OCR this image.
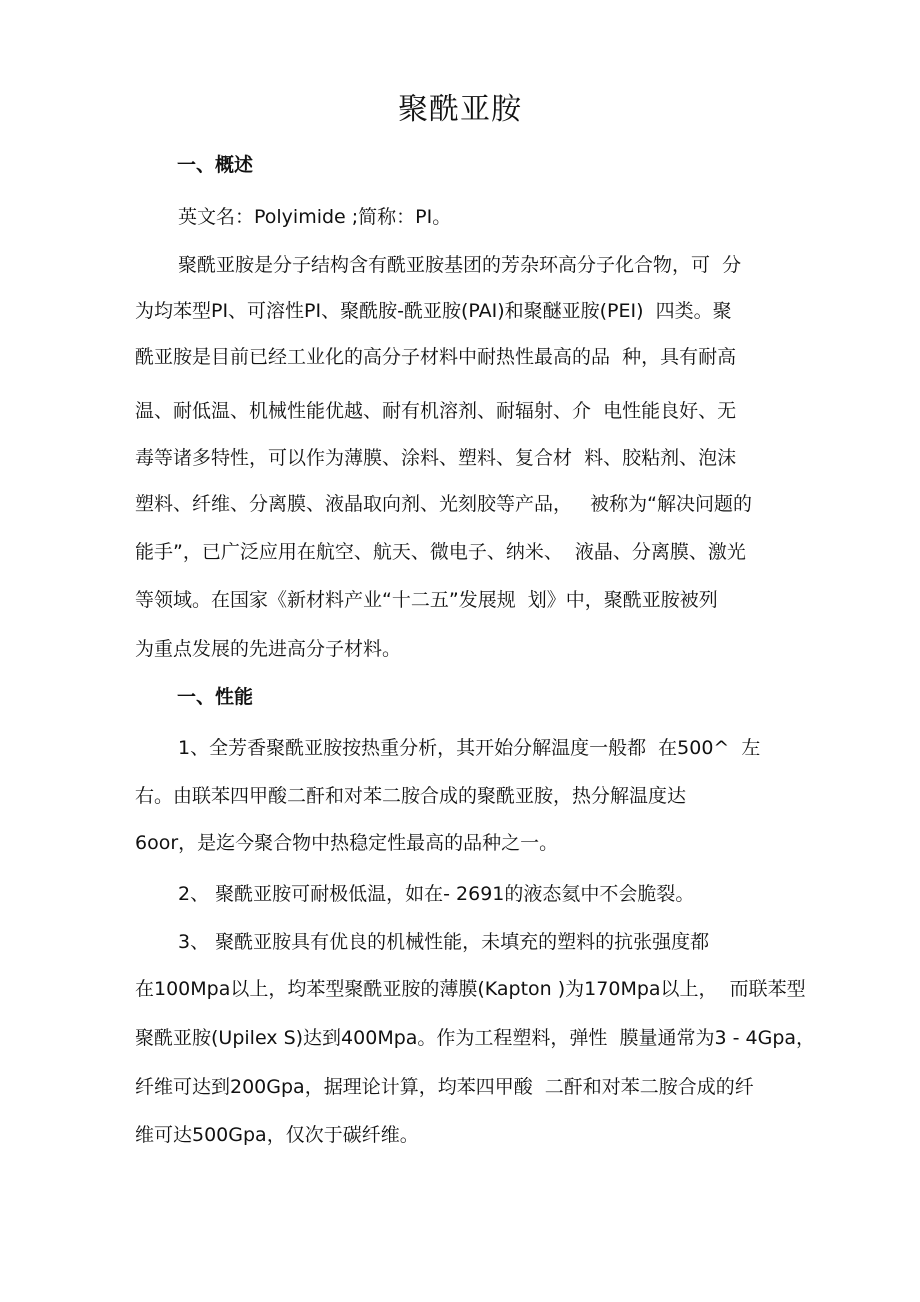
聚酰亚胺
一、概述
英文名：Polyimide ;简称：PI。
聚酰亚胺是分子结构含有酰亚胺基团的芳杂环高分子化合物，可  分
为均苯型PI、可溶性PI、聚酰胺-酰亚胺(PAI)和聚醚亚胺(PEI)  四类。聚
酰亚胺是目前已经工业化的高分子材料中耐热性最高的品  种，具有耐高
温、耐低温、机械性能优越、耐有机溶剂、耐辐射、介  电性能良好、无
毒等诸多特性，可以作为薄膜、涂料、塑料、复合材  料、胶粘剂、泡沫
塑料、纤维、分离膜、液晶取向剂、光刻胶等产品，   被称为“解决问题的
能手”，已广泛应用在航空、航天、微电子、纳米、  液晶、分离膜、激光
等领域。在国家《新材料产业“十二五”发展规  划》中，聚酰亚胺被列
为重点发展的先进高分子材料。
一、性能
1、全芳香聚酰亚胺按热重分析，其开始分解温度一般都  在500^  左
右。由联苯四甲酸二酐和对苯二胺合成的聚酰亚胺，热分解温度达
6oor，是迄今聚合物中热稳定性最高的品种之一。
2、 聚酰亚胺可耐极低温，如在- 2691的液态氦中不会脆裂。
3、 聚酰亚胺具有优良的机械性能，未填充的塑料的抗张强度都
在100Mpa以上，均苯型聚酰亚胺的薄膜(Kapton )为170Mpa以上，  而联苯型
聚酰亚胺(Upilex S)达到400Mpa。作为工程塑料，弹性  膜量通常为3 - 4Gpa，
纤维可达到200Gpa，据理论计算，均苯四甲酸  二酐和对苯二胺合成的纤
维可达500Gpa，仅次于碳纤维。
